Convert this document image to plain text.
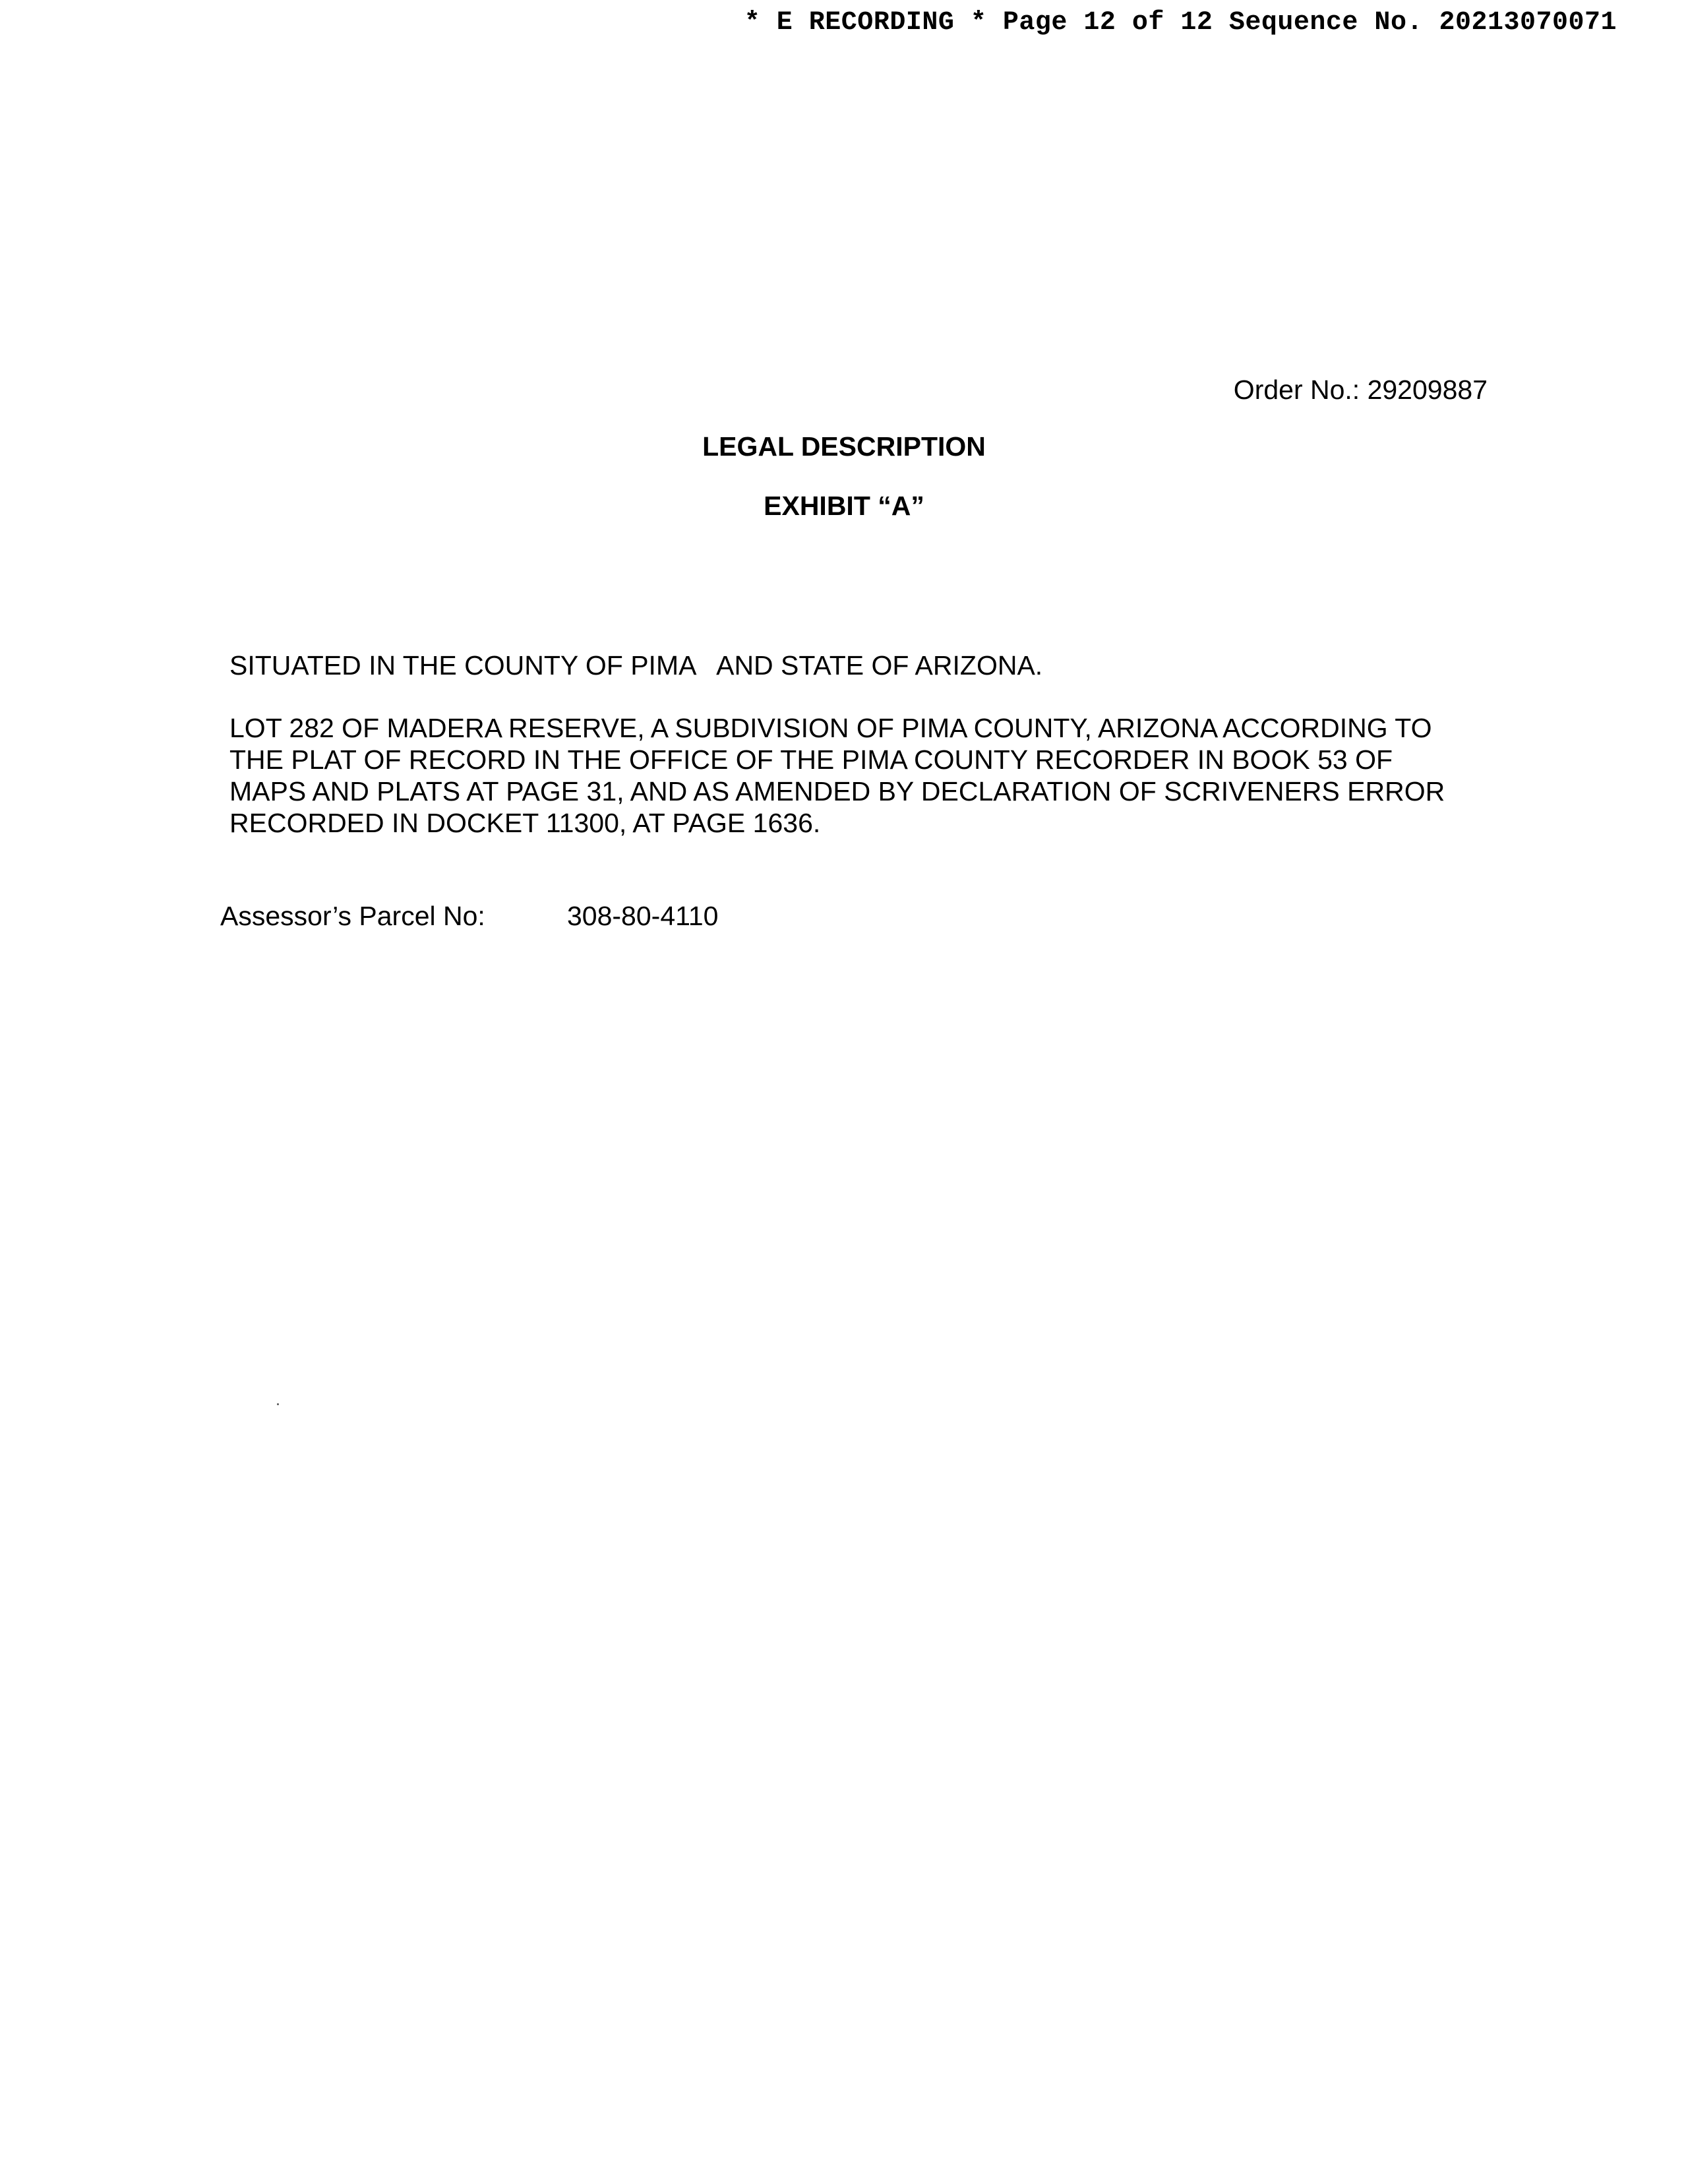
* E RECORDING * Page 12 of 12 Sequence No. 20213070071
Order No.: 29209887
LEGAL DESCRIPTION
EXHIBIT “A”
SITUATED IN THE COUNTY OF PIMA   AND STATE OF ARIZONA.
LOT 282 OF MADERA RESERVE, A SUBDIVISION OF PIMA COUNTY, ARIZONA ACCORDING TO
THE PLAT OF RECORD IN THE OFFICE OF THE PIMA COUNTY RECORDER IN BOOK 53 OF
MAPS AND PLATS AT PAGE 31, AND AS AMENDED BY DECLARATION OF SCRIVENERS ERROR
RECORDED IN DOCKET 11300, AT PAGE 1636.
Assessor’s Parcel No:	308-80-4110
